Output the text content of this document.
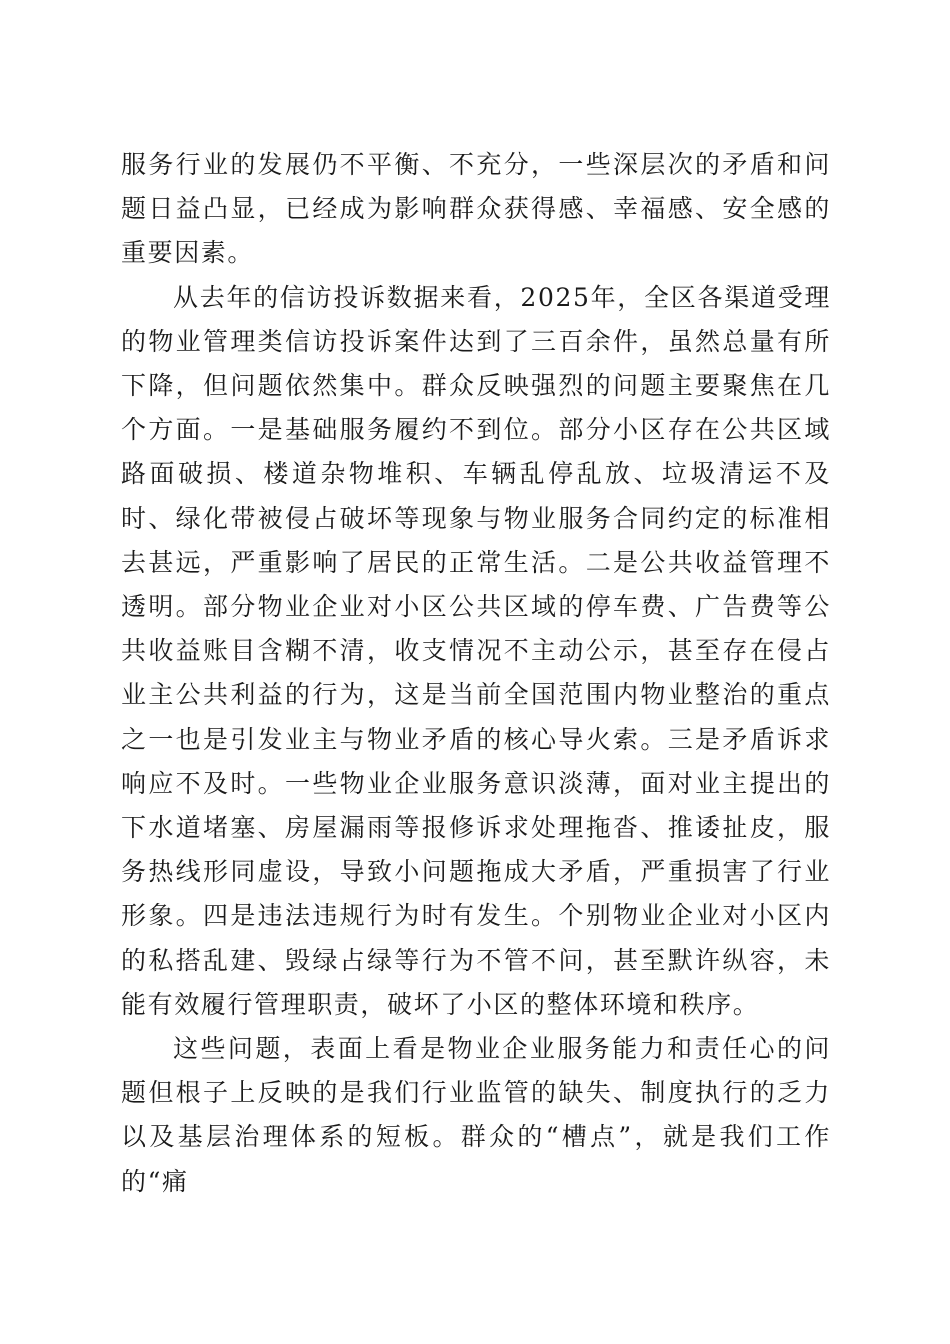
服务行业的发展仍不平衡、不充分，一些深层次的矛盾和问题日益凸显，已经成为影响群众获得感、幸福感、安全感的重要因素。

从去年的信访投诉数据来看，2025年，全区各渠道受理的物业管理类信访投诉案件达到了三百余件，虽然总量有所下降，但问题依然集中。群众反映强烈的问题主要聚焦在几个方面。一是基础服务履约不到位。部分小区存在公共区域路面破损、楼道杂物堆积、车辆乱停乱放、垃圾清运不及时、绿化带被侵占破坏等现象与物业服务合同约定的标准相去甚远，严重影响了居民的正常生活。二是公共收益管理不透明。部分物业企业对小区公共区域的停车费、广告费等公共收益账目含糊不清，收支情况不主动公示，甚至存在侵占业主公共利益的行为，这是当前全国范围内物业整治的重点之一也是引发业主与物业矛盾的核心导火索。三是矛盾诉求响应不及时。一些物业企业服务意识淡薄，面对业主提出的下水道堵塞、房屋漏雨等报修诉求处理拖沓、推诿扯皮，服务热线形同虚设，导致小问题拖成大矛盾，严重损害了行业形象。四是违法违规行为时有发生。个别物业企业对小区内的私搭乱建、毁绿占绿等行为不管不问，甚至默许纵容，未能有效履行管理职责，破坏了小区的整体环境和秩序。

这些问题，表面上看是物业企业服务能力和责任心的问题但根子上反映的是我们行业监管的缺失、制度执行的乏力以及基层治理体系的短板。群众的“槽点”，就是我们工作的“痛
